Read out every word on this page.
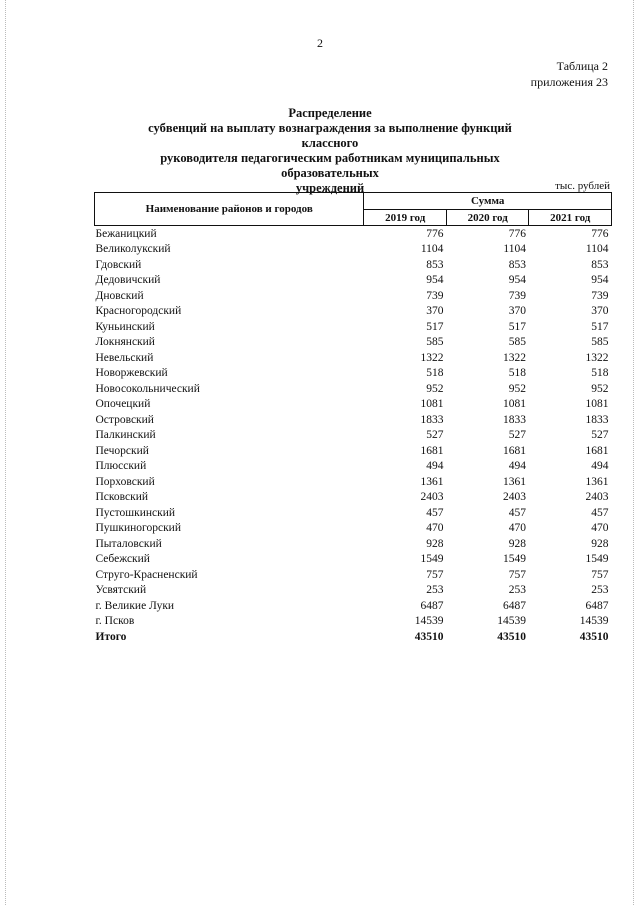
2
Таблица 2
приложения 23
Распределение
субвенций на выплату вознаграждения за выполнение функций классного
руководителя педагогическим работникам муниципальных образовательных
учреждений	тыс. рублей
Наименование районов и городов	Сумма		
	2019 год	2020 год	2021 год
Бежаницкий	776	776	776
Великолукский	1104	1104	1104
Гдовский	853	853	853
Дедовичский	954	954	954
Дновский	739	739	739
Красногородский	370	370	370
Куньинский	517	517	517
Локнянский	585	585	585
Невельский	1322	1322	1322
Новоржевский	518	518	518
Новосокольнический	952	952	952
Опочецкий	1081	1081	1081
Островский	1833	1833	1833
Палкинский	527	527	527
Печорский	1681	1681	1681
Плюсский	494	494	494
Порховский	1361	1361	1361
Псковский	2403	2403	2403
Пустошкинский	457	457	457
Пушкиногорский	470	470	470
Пыталовский	928	928	928
Себежский	1549	1549	1549
Струго-Красненский	757	757	757
Усвятский	253	253	253
г. Великие Луки	6487	6487	6487
г. Псков	14539	14539	14539
Итого	43510	43510	43510
